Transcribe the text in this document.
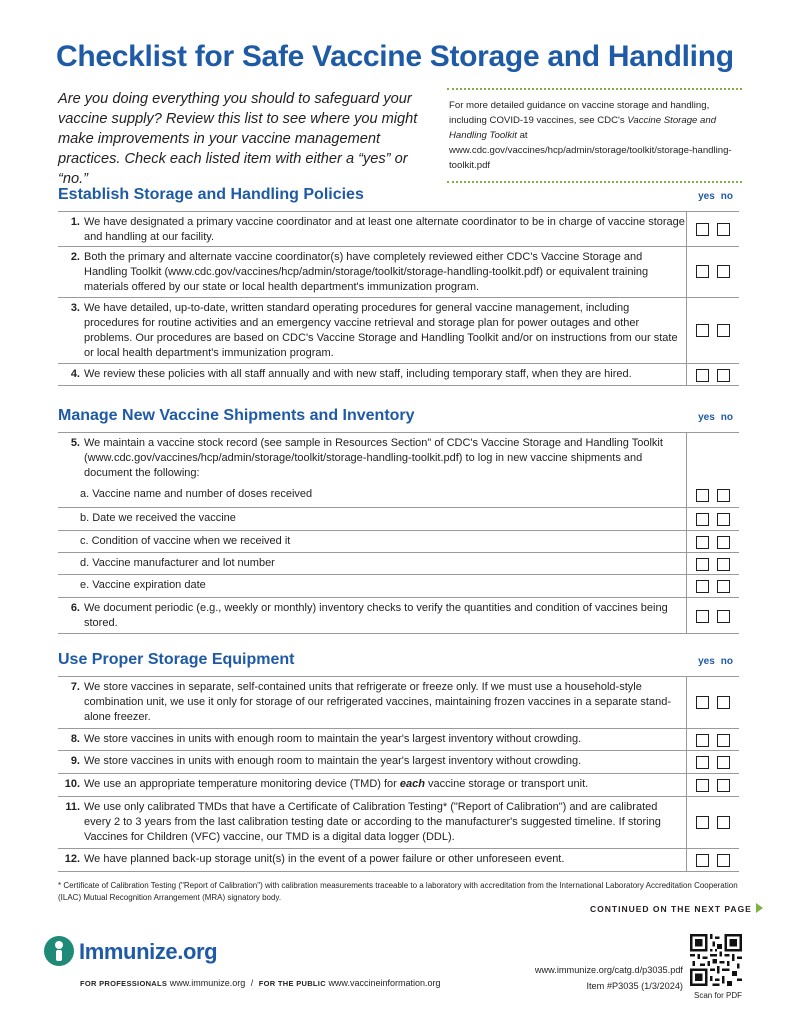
Checklist for Safe Vaccine Storage and Handling
Are you doing everything you should to safeguard your vaccine supply? Review this list to see where you might make improvements in your vaccine management practices. Check each listed item with either a “yes” or “no.”
For more detailed guidance on vaccine storage and handling, including COVID-19 vaccines, see CDC's Vaccine Storage and Handling Toolkit at www.cdc.gov/vaccines/hcp/admin/storage/toolkit/storage-handling-toolkit.pdf
Establish Storage and Handling Policies	yes no
1. We have designated a primary vaccine coordinator and at least one alternate coordinator to be in charge of vaccine storage and handling at our facility.
2. Both the primary and alternate vaccine coordinator(s) have completely reviewed either CDC's Vaccine Storage and Handling Toolkit (www.cdc.gov/vaccines/hcp/admin/storage/toolkit/storage-handling-toolkit.pdf) or equivalent training materials offered by our state or local health department's immunization program.
3. We have detailed, up-to-date, written standard operating procedures for general vaccine management, including procedures for routine activities and an emergency vaccine retrieval and storage plan for power outages and other problems. Our procedures are based on CDC's Vaccine Storage and Handling Toolkit and/or on instructions from our state or local health department's immunization program.
4. We review these policies with all staff annually and with new staff, including temporary staff, when they are hired.
Manage New Vaccine Shipments and Inventory	yes no
5. We maintain a vaccine stock record (see sample in Resources Section" of CDC's Vaccine Storage and Handling Toolkit (www.cdc.gov/vaccines/hcp/admin/storage/toolkit/storage-handling-toolkit.pdf) to log in new vaccine shipments and document the following:
a. Vaccine name and number of doses received
b. Date we received the vaccine
c. Condition of vaccine when we received it
d. Vaccine manufacturer and lot number
e. Vaccine expiration date
6. We document periodic (e.g., weekly or monthly) inventory checks to verify the quantities and condition of vaccines being stored.
Use Proper Storage Equipment	yes no
7. We store vaccines in separate, self-contained units that refrigerate or freeze only. If we must use a household-style combination unit, we use it only for storage of our refrigerated vaccines, maintaining frozen vaccines in a separate stand-alone freezer.
8. We store vaccines in units with enough room to maintain the year's largest inventory without crowding.
9. We store vaccines in units with enough room to maintain the year's largest inventory without crowding.
10. We use an appropriate temperature monitoring device (TMD) for each vaccine storage or transport unit.
11. We use only calibrated TMDs that have a Certificate of Calibration Testing* ("Report of Calibration") and are calibrated every 2 to 3 years from the last calibration testing date or according to the manufacturer's suggested timeline. If storing Vaccines for Children (VFC) vaccine, our TMD is a digital data logger (DDL).
12. We have planned back-up storage unit(s) in the event of a power failure or other unforeseen event.
* Certificate of Calibration Testing ("Report of Calibration") with calibration measurements traceable to a laboratory with accreditation from the International Laboratory Accreditation Cooperation (ILAC) Mutual Recognition Arrangement (MRA) signatory body.
CONTINUED ON THE NEXT PAGE
Immunize.org
FOR PROFESSIONALS www.immunize.org / FOR THE PUBLIC www.vaccineinformation.org
www.immunize.org/catg.d/p3035.pdf
Item #P3035 (1/3/2024)
Scan for PDF
